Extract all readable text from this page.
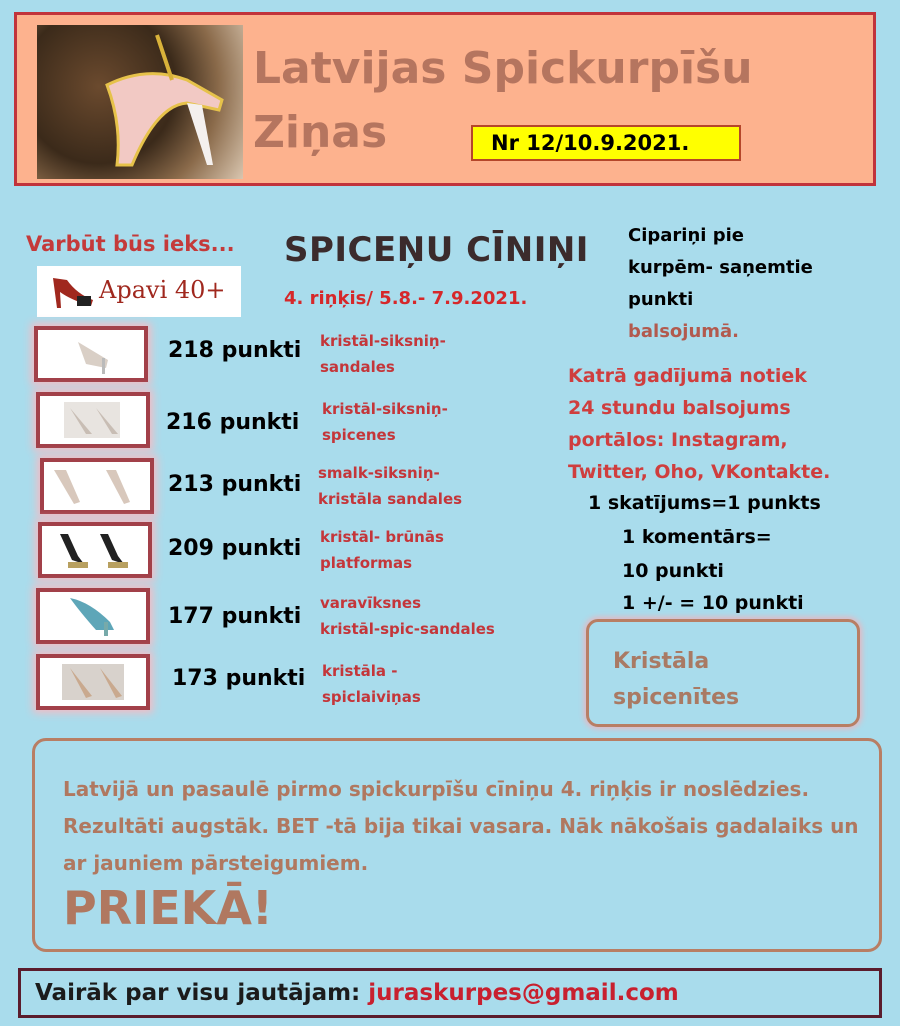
Latvijas Spickurpīšu Ziņas	Nr 12/10.9.2021.
Varbūt būs ieks...
Apavi 40+
218 punkti kristāl-siksniņ-
sandales
216 punkti
kristāl-siksniņ-
spicenes
213 punkti smalk-siksniņ-
kristāla sandales
209 punkti kristāl- brūnās
platformas
177 punkti
varavīksnes
kristāl-spic-sandales
173 punkti kristāla -
spiclaiviņas
SPICEŅU CĪNIŅI
4. riņķis/ 5.8.- 7.9.2021.
Cipariņi pie
kurpēm- saņemtie
punkti
balsojumā.
Katrā gadījumā notiek
24 stundu balsojums
portālos: Instagram,
Twitter, Oho, VKontakte.
1 skatījums=1 punkts
1 komentārs=
10 punkti
1 +/- = 10 punkti
Kristāla
spicenītes
Latvijā un pasaulē pirmo spickurpīšu cīniņu 4. riņķis ir noslēdzies. Rezultāti augstāk. BET -tā bija tikai vasara. Nāk nākošais gadalaiks un ar jauniem pārsteigumiem.
PRIEKĀ!
Vairāk par visu jautājam: juraskurpes@gmail.com
